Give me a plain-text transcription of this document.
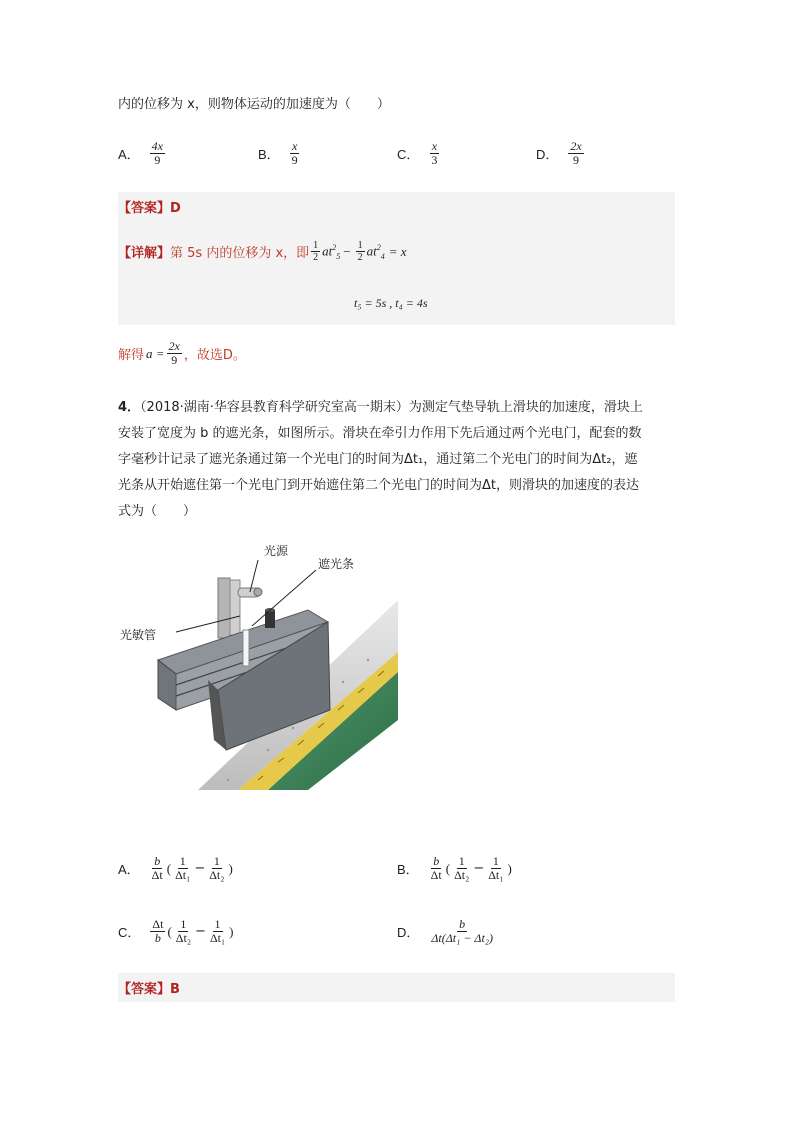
内的位移为 x，则物体运动的加速度为（　　）
A． $\frac{4x}{9}$	B． $\frac{x}{9}$	C． $\frac{x}{3}$	D． $\frac{2x}{9}$
【答案】D
【详解】 第 5s 内的位移为 x，即 $\frac{1}{2} at^2_5 - \frac{1}{2} at^2_4 = x$
t₅ = 5s , t₄ = 4s
解得 $a = \frac{2x}{9}$ ，故选 D。
4．（2018·湖南·华容县教育科学研究室高一期末）为测定气垫导轨上滑块的加速度，滑块上
安装了宽度为 b 的遮光条，如图所示。滑块在牵引力作用下先后通过两个光电门，配套的数
字毫秒计记录了遮光条通过第一个光电门的时间为Δt₁，通过第二个光电门的时间为Δt₂，遮
光条从开始遮住第一个光电门到开始遮住第二个光电门的时间为Δt，则滑块的加速度的表达
式为（　　）
光源
遮光条
光敏管
A． $\frac{b}{\Delta t}$ ( $\frac{1}{\text{Δt₁}} - \frac{1}{\text{Δt₂}}$ )	B． $\frac{b}{\Delta t}$ ( $\frac{1}{\text{Δt₂}} - \frac{1}{\text{Δt₁}}$ )
C． $\frac{\Delta t}{b}$ ( $\frac{1}{\text{Δt₂}} - \frac{1}{\text{Δt₁}}$ )	D． $\frac{b}{\text{Δt(Δt₁ − Δt₂)}}$
【答案】B
